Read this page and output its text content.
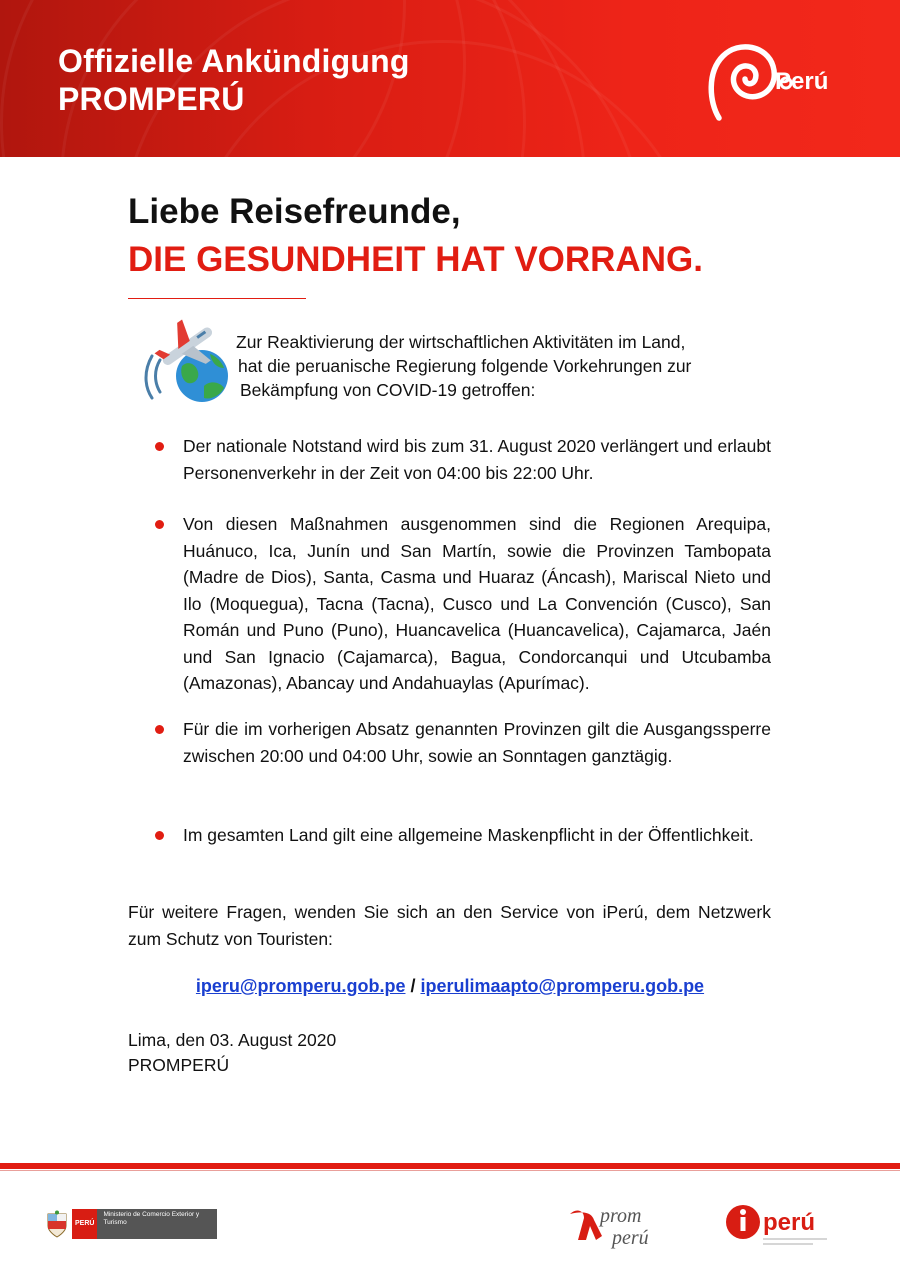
Offizielle Ankündigung
PROMPERÚ	Perú
Liebe Reisefreunde,
DIE GESUNDHEIT HAT VORRANG.

Zur Reaktivierung der wirtschaftlichen Aktivitäten im Land,
hat die peruanische Regierung folgende Vorkehrungen zur
Bekämpfung von COVID-19 getroffen:

Der nationale Notstand wird bis zum 31. August 2020 verlängert und erlaubt Personenverkehr in der Zeit von 04:00 bis 22:00 Uhr.
Von diesen Maßnahmen ausgenommen sind die Regionen Arequipa, Huánuco, Ica, Junín und San Martín, sowie die Provinzen Tambopata (Madre de Dios), Santa, Casma und Huaraz (Áncash), Mariscal Nieto und Ilo (Moquegua), Tacna (Tacna), Cusco und La Convención (Cusco), San Román und Puno (Puno), Huancavelica (Huancavelica), Cajamarca, Jaén und San Ignacio (Cajamarca), Bagua, Condorcanqui und Utcubamba (Amazonas), Abancay und Andahuaylas (Apurímac).
Für die im vorherigen Absatz genannten Provinzen gilt die Ausgangssperre zwischen 20:00 und 04:00 Uhr, sowie an Sonntagen ganztägig.
Im gesamten Land gilt eine allgemeine Maskenpflicht in der Öffentlichkeit.
Für weitere Fragen, wenden Sie sich an den Service von iPerú, dem Netzwerk zum Schutz von Touristen:
iperu@promperu.gob.pe / iperulimaapto@promperu.gob.pe
Lima, den 03. August 2020
PROMPERÚ
PERÚ
Ministerio de Comercio Exterior y Turismo	prom
perú
perú
